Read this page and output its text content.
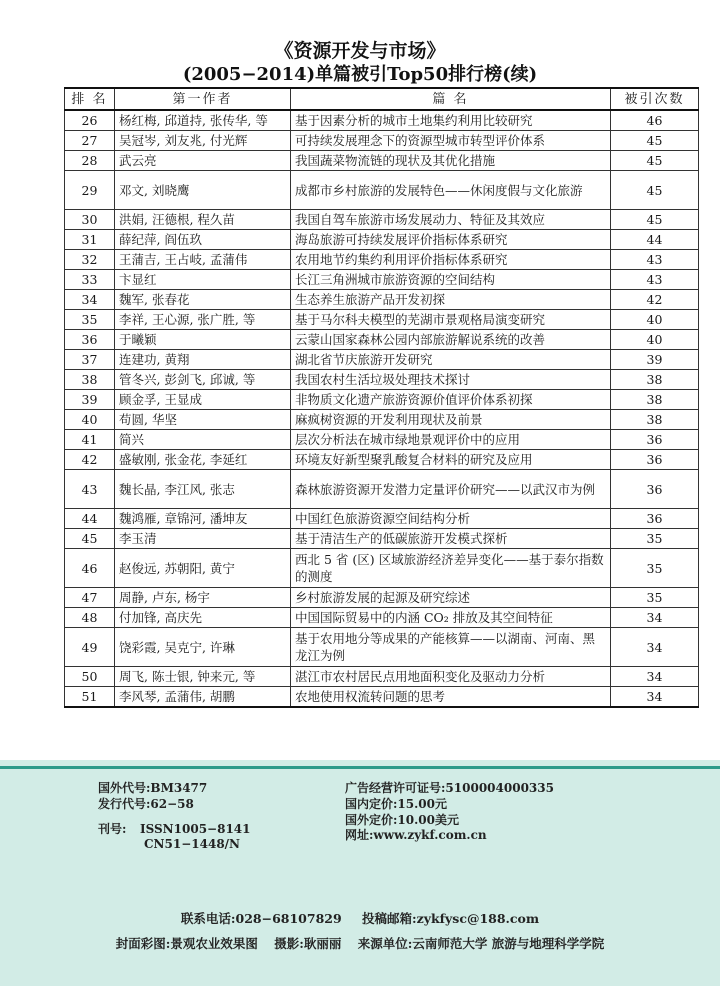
《资源开发与市场》
(2005−2014)单篇被引Top50排行榜(续)
排 名	第一作者	篇 名	被引次数
26	杨红梅, 邱道持, 张传华, 等	基于因素分析的城市土地集约利用比较研究	46
27	吴冠岑, 刘友兆, 付光辉	可持续发展理念下的资源型城市转型评价体系	45
28	武云亮	我国蔬菜物流链的现状及其优化措施	45
29	邓文, 刘晓鹰	成都市乡村旅游的发展特色——休闲度假与文化旅游	45
30	洪娟, 汪德根, 程久苗	我国自驾车旅游市场发展动力、特征及其效应	45
31	薛纪萍, 阎伍玖	海岛旅游可持续发展评价指标体系研究	44
32	王蒲吉, 王占岐, 孟蒲伟	农用地节约集约利用评价指标体系研究	43
33	卞显红	长江三角洲城市旅游资源的空间结构	43
34	魏军, 张春花	生态养生旅游产品开发初探	42
35	李祥, 王心源, 张广胜, 等	基于马尔科夫模型的芜湖市景观格局演变研究	40
36	于曦颖	云蒙山国家森林公园内部旅游解说系统的改善	40
37	连建功, 黄翔	湖北省节庆旅游开发研究	39
38	管冬兴, 彭剑飞, 邱诚, 等	我国农村生活垃圾处理技术探讨	38
39	顾金孚, 王显成	非物质文化遗产旅游资源价值评价体系初探	38
40	苟圆, 华坚	麻疯树资源的开发利用现状及前景	38
41	简兴	层次分析法在城市绿地景观评价中的应用	36
42	盛敏刚, 张金花, 李延红	环境友好新型聚乳酸复合材料的研究及应用	36
43	魏长晶, 李江风, 张志	森林旅游资源开发潜力定量评价研究——以武汉市为例	36
44	魏鸿雁, 章锦河, 潘坤友	中国红色旅游资源空间结构分析	36
45	李玉清	基于清洁生产的低碳旅游开发模式探析	35
46	赵俊远, 苏朝阳, 黄宁	西北 5 省 (区) 区域旅游经济差异变化——基于泰尔指数的测度	35
47	周静, 卢东, 杨宇	乡村旅游发展的起源及研究综述	35
48	付加锋, 高庆先	中国国际贸易中的内涵 CO₂ 排放及其空间特征	34
49	饶彩霞, 吴克宁, 许琳	基于农用地分等成果的产能核算——以湖南、河南、黑龙江为例	34
50	周飞, 陈士银, 钟来元, 等	湛江市农村居民点用地面积变化及驱动力分析	34
51	李风琴, 孟蒲伟, 胡鹏	农地使用权流转问题的思考	34
国外代号:BM3477
发行代号:62−58
刊号: ISSN1005−8141
CN51−1448/N
广告经营许可证号:5100004000335
国内定价:15.00元
国外定价:10.00美元
网址:www.zykf.com.cn
联系电话:028−68107829 投稿邮箱:zykfysc@188.com
封面彩图:景观农业效果图 摄影:耿丽丽 来源单位:云南师范大学 旅游与地理科学学院
